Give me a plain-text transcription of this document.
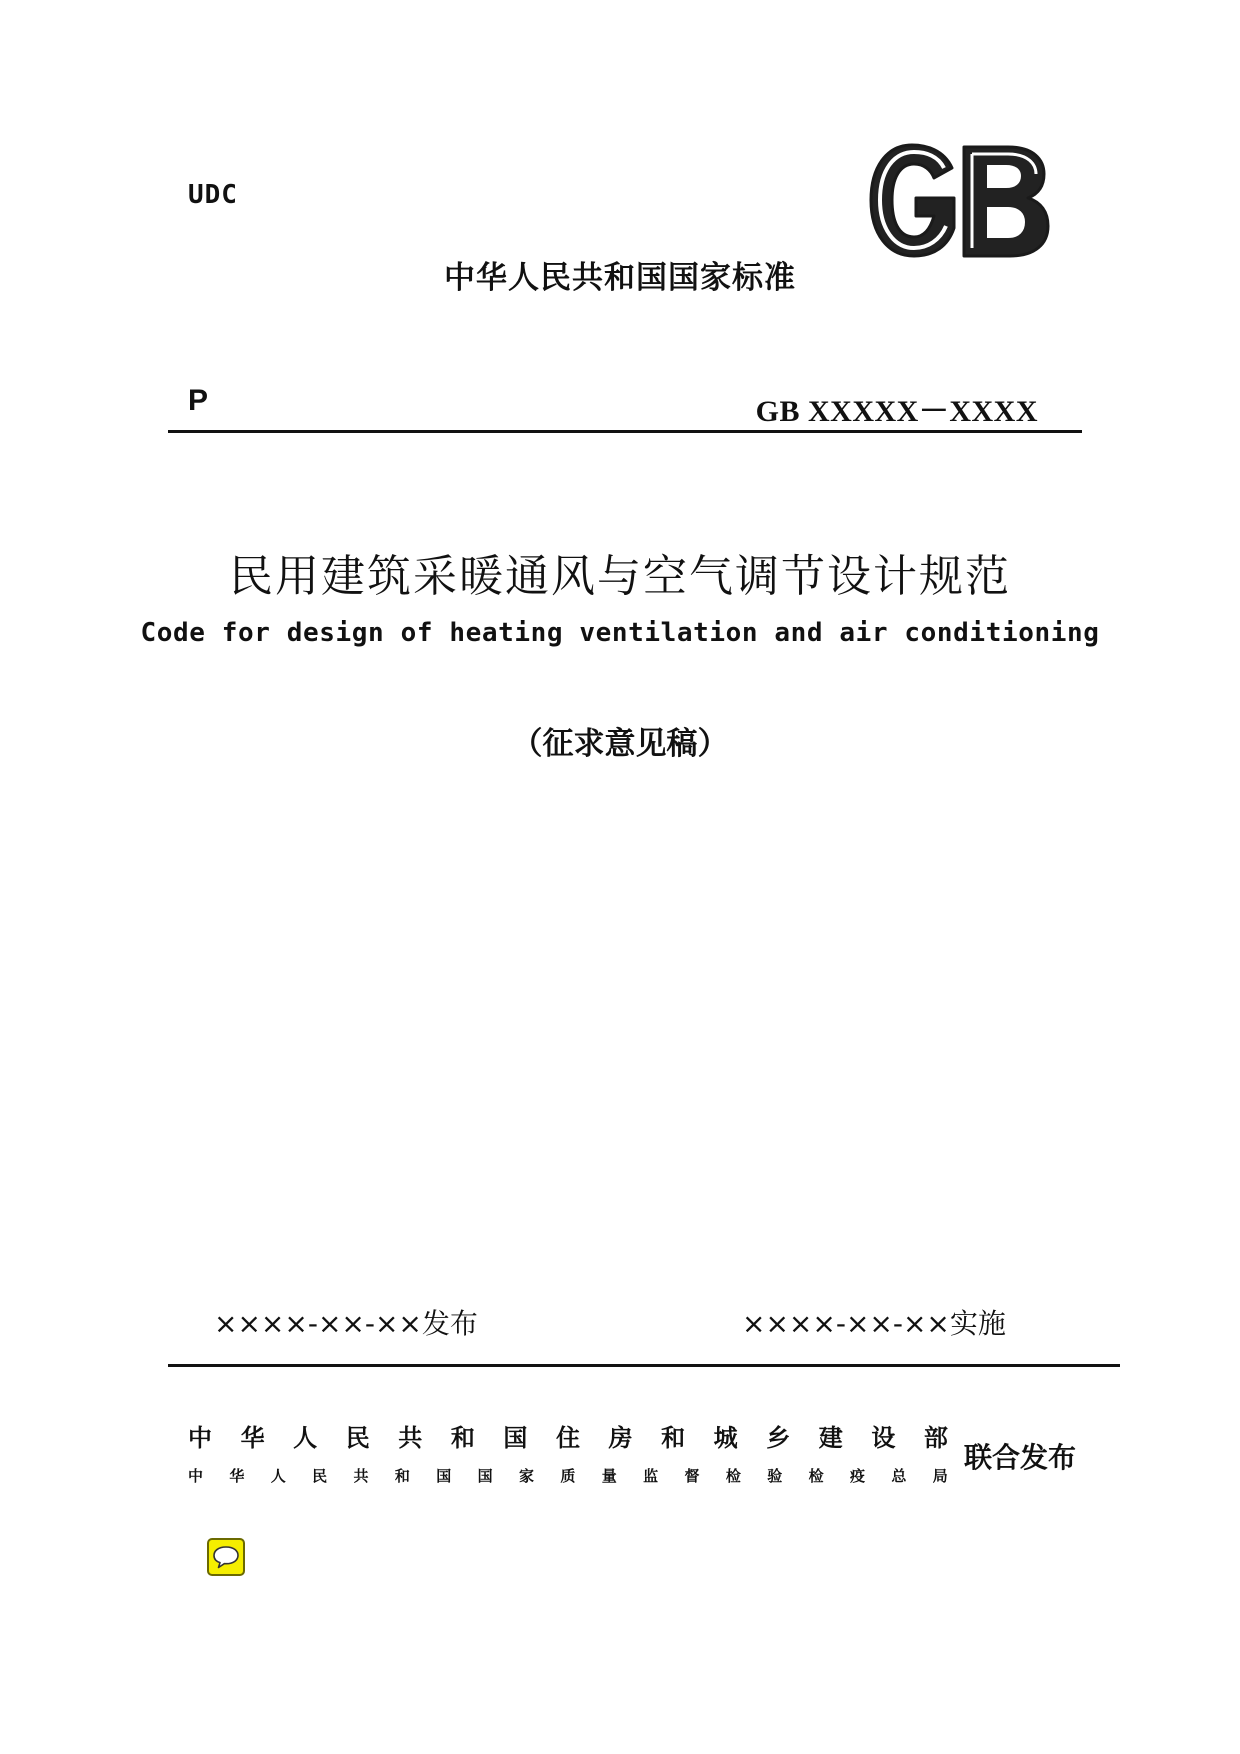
UDC
中华人民共和国国家标准
P	GB XXXXX－XXXX
民用建筑采暖通风与空气调节设计规范
Code for design of heating ventilation and air conditioning
（征求意见稿）
××××-××-××发布	××××-××-××实施
中 华 人 民 共 和 国 住 房 和 城 乡 建 设 部
中 华 人 民 共 和 国 国 家 质 量 监 督 检 验 检 疫 总 局
联合发布
